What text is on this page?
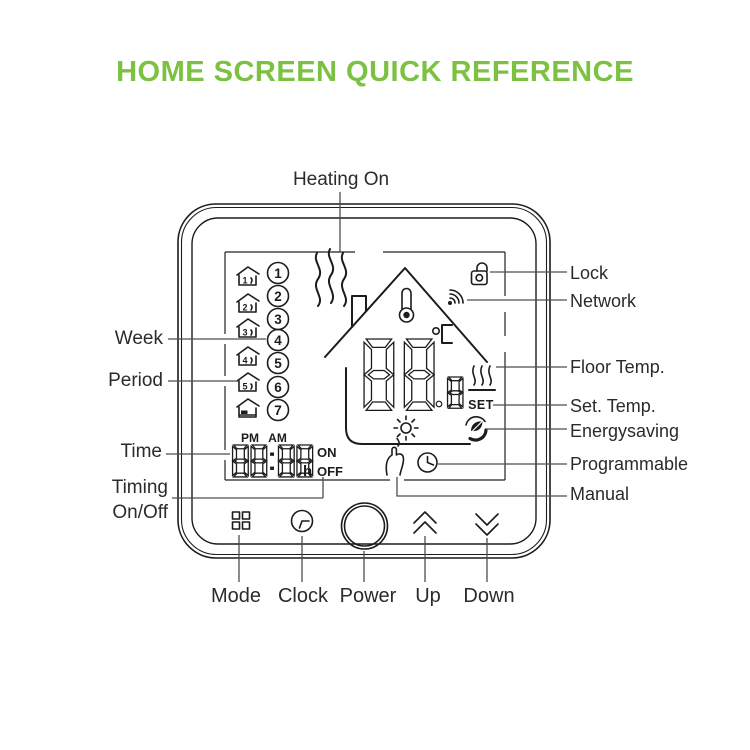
HOME SCREEN QUICK REFERENCE
1
2
3
4
5
6
7
1
2
3
4
5
SET
PM AM
h
ON
OFF
Heating On
Week
Period
Time
Timing
On/Off
Lock
Network
Floor Temp.
Set. Temp.
Energysaving
Programmable
Manual
Mode Clock Power Up Down
